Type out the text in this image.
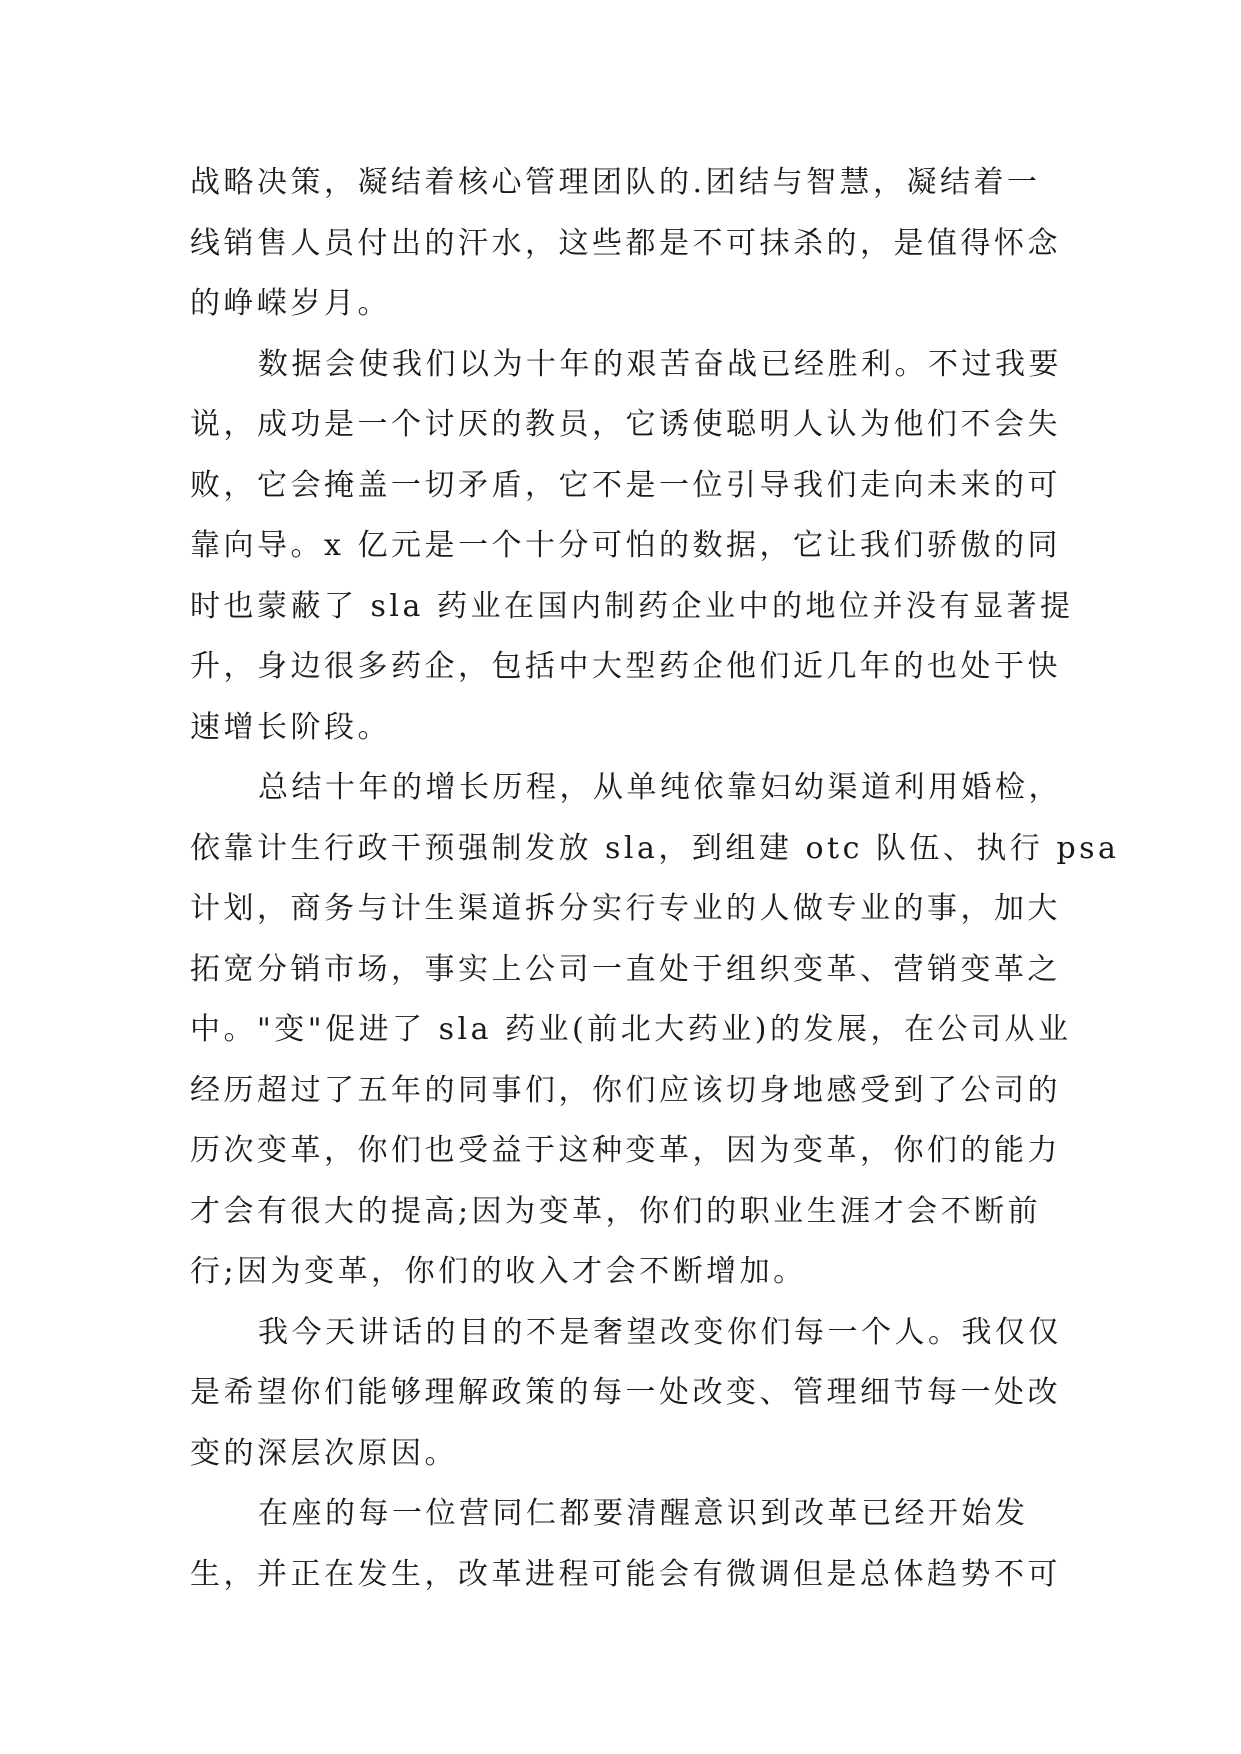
战略决策，凝结着核心管理团队的.团结与智慧，凝结着一
线销售人员付出的汗水，这些都是不可抹杀的，是值得怀念
的峥嵘岁月。
数据会使我们以为十年的艰苦奋战已经胜利。不过我要
说，成功是一个讨厌的教员，它诱使聪明人认为他们不会失
败，它会掩盖一切矛盾，它不是一位引导我们走向未来的可
靠向导。x 亿元是一个十分可怕的数据，它让我们骄傲的同
时也蒙蔽了 sla 药业在国内制药企业中的地位并没有显著提
升，身边很多药企，包括中大型药企他们近几年的也处于快
速增长阶段。
总结十年的增长历程，从单纯依靠妇幼渠道利用婚检，
依靠计生行政干预强制发放 sla，到组建 otc 队伍、执行 psa
计划，商务与计生渠道拆分实行专业的人做专业的事，加大
拓宽分销市场，事实上公司一直处于组织变革、营销变革之
中。"变"促进了 sla 药业(前北大药业)的发展，在公司从业
经历超过了五年的同事们，你们应该切身地感受到了公司的
历次变革，你们也受益于这种变革，因为变革，你们的能力
才会有很大的提高;因为变革，你们的职业生涯才会不断前
行;因为变革，你们的收入才会不断增加。
我今天讲话的目的不是奢望改变你们每一个人。我仅仅
是希望你们能够理解政策的每一处改变、管理细节每一处改
变的深层次原因。
在座的每一位营同仁都要清醒意识到改革已经开始发
生，并正在发生，改革进程可能会有微调但是总体趋势不可
